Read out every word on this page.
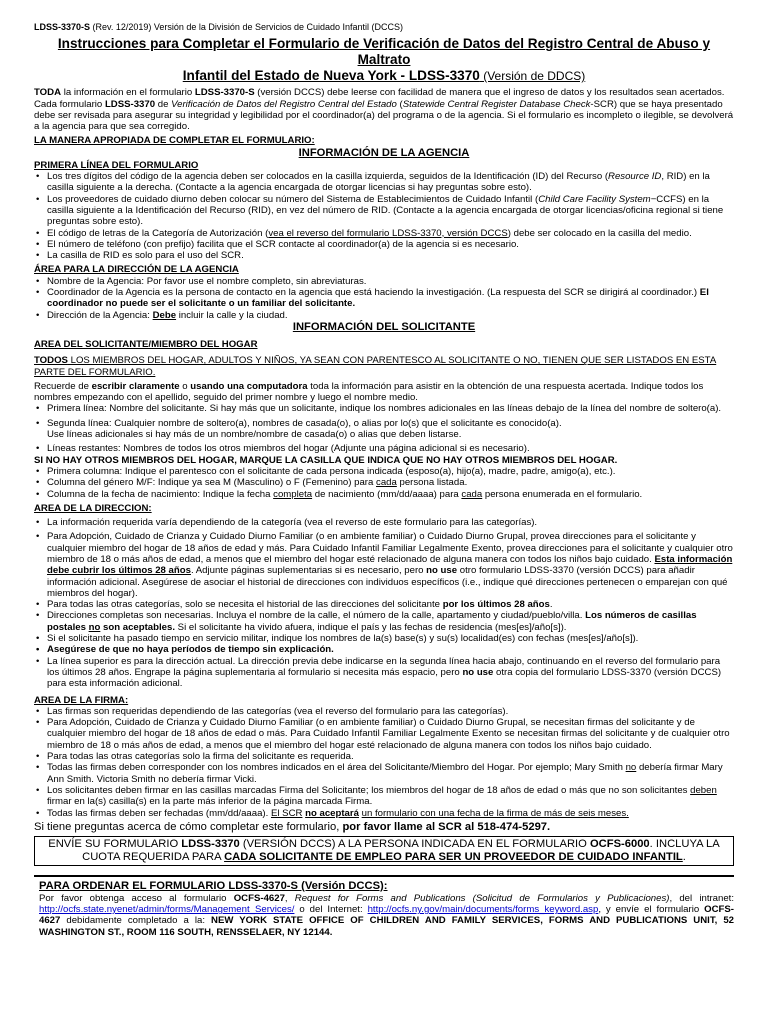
LDSS-3370-S (Rev. 12/2019) Versión de la División de Servicios de Cuidado Infantil (DCCS)
Instrucciones para Completar el Formulario de Verificación de Datos del Registro Central de Abuso y Maltrato
Infantil del Estado de Nueva York - LDSS-3370 (Versión de DDCS)

TODA la información en el formulario LDSS-3370-S (versión DCCS) debe leerse con facilidad de manera que el ingreso de datos y los resultados sean acertados. Cada formulario LDSS-3370 de Verificación de Datos del Registro Central del Estado (Statewide Central Register Database Check-SCR) que se haya presentado debe ser revisada para asegurar su integridad y legibilidad por el coordinador(a) del programa o de la agencia. Si el formulario es incompleto o ilegible, se devolverá a la agencia para que sea corregido.

LA MANERA APROPIADA DE COMPLETAR EL FORMULARIO:
INFORMACIÓN DE LA AGENCIA
PRIMERA LÍNEA DEL FORMULARIO
• Los tres dígitos del código de la agencia deben ser colocados en la casilla izquierda, seguidos de la Identificación (ID) del Recurso (Resource ID, RID) en la casilla siguiente a la derecha. (Contacte a la agencia encargada de otorgar licencias si hay preguntas sobre esto).
• Los proveedores de cuidado diurno deben colocar su número del Sistema de Establecimientos de Cuidado Infantil (Child Care Facility System−CCFS) en la casilla siguiente a la Identificación del Recurso (RID), en vez del número de RID. (Contacte a la agencia encargada de otorgar licencias/oficina regional si tiene preguntas sobre esto).
• El código de letras de la Categoría de Autorización (vea el reverso del formulario LDSS-3370, versión DCCS) debe ser colocado en la casilla del medio.
• El número de teléfono (con prefijo) facilita que el SCR contacte al coordinador(a) de la agencia si es necesario.
• La casilla de RID es solo para el uso del SCR.
ÁREA PARA LA DIRECCIÓN DE LA AGENCIA
• Nombre de la Agencia: Por favor use el nombre completo, sin abreviaturas.
• Coordinador de la Agencia es la persona de contacto en la agencia que está haciendo la investigación. (La respuesta del SCR se dirigirá al coordinador.) El coordinador no puede ser el solicitante o un familiar del solicitante.
• Dirección de la Agencia: Debe incluir la calle y la ciudad.
INFORMACIÓN DEL SOLICITANTE
AREA DEL SOLICITANTE/MIEMBRO DEL HOGAR

TODOS LOS MIEMBROS DEL HOGAR, ADULTOS Y NIÑOS, YA SEAN CON PARENTESCO AL SOLICITANTE O NO, TIENEN QUE SER LISTADOS EN ESTA PARTE DEL FORMULARIO.

Recuerde de escribir claramente o usando una computadora toda la información para asistir en la obtención de una respuesta acertada. Indique todos los nombres empezando con el apellido, seguido del primer nombre y luego el nombre medio.

• Primera línea: Nombre del solicitante. Si hay más que un solicitante, indique los nombres adicionales en las líneas debajo de la línea del nombre de soltero(a).
• Segunda línea: Cualquier nombre de soltero(a), nombres de casada(o), o alias por lo(s) que el solicitante es conocido(a).
Use líneas adicionales si hay más de un nombre/nombre de casada(o) o alias que deben listarse.
• Líneas restantes: Nombres de todos los otros miembros del hogar (Adjunte una página adicional si es necesario).

SI NO HAY OTROS MIEMBROS DEL HOGAR, MARQUE LA CASILLA QUE INDICA QUE NO HAY OTROS MIEMBROS DEL HOGAR.

• Primera columna: Indique el parentesco con el solicitante de cada persona indicada (esposo(a), hijo(a), madre, padre, amigo(a), etc.).
• Columna del género M/F: Indique ya sea M (Masculino) o F (Femenino) para cada persona listada.
• Columna de la fecha de nacimiento: Indique la fecha completa de nacimiento (mm/dd/aaaa) para cada persona enumerada en el formulario.
AREA DE LA DIRECCION:
• La información requerida varía dependiendo de la categoría (vea el reverso de este formulario para las categorías).
• Para Adopción, Cuidado de Crianza y Cuidado Diurno Familiar (o en ambiente familiar) o Cuidado Diurno Grupal, provea direcciones para el solicitante y cualquier miembro del hogar de 18 años de edad y más. Para Cuidado Infantil Familiar Legalmente Exento, provea direcciones para el solicitante y cualquier otro miembro de 18 o más años de edad, a menos que el miembro del hogar esté relacionado de alguna manera con todos los niños bajo cuidado. Esta información debe cubrir los últimos 28 años. Adjunte páginas suplementarias si es necesario, pero no use otro formulario LDSS-3370 (versión DCCS) para añadir información adicional. Asegúrese de asociar el historial de direcciones con individuos específicos (i.e., indique qué direcciones pertenecen o emparejan con qué miembros del hogar).
• Para todas las otras categorías, solo se necesita el historial de las direcciones del solicitante por los últimos 28 años.
• Direcciones completas son necesarias. Incluya el nombre de la calle, el número de la calle, apartamento y ciudad/pueblo/villa. Los números de casillas postales no son aceptables. Si el solicitante ha vivido afuera, indique el país y las fechas de residencia (mes[es]/año[s]).
• Si el solicitante ha pasado tiempo en servicio militar, indique los nombres de la(s) base(s) y su(s) localidad(es) con fechas (mes[es]/año[s]).
• Asegúrese de que no haya períodos de tiempo sin explicación.
• La línea superior es para la dirección actual. La dirección previa debe indicarse en la segunda línea hacia abajo, continuando en el reverso del formulario para los últimos 28 años. Engrape la página suplementaria al formulario si necesita más espacio, pero no use otra copia del formulario LDSS-3370 (versión DCCS) para esta información adicional.
AREA DE LA FIRMA:
• Las firmas son requeridas dependiendo de las categorías (vea el reverso del formulario para las categorías).
• Para Adopción, Cuidado de Crianza y Cuidado Diurno Familiar (o en ambiente familiar) o Cuidado Diurno Grupal, se necesitan firmas del solicitante y de cualquier miembro del hogar de 18 años de edad o más. Para Cuidado Infantil Familiar Legalmente Exento se necesitan firmas del solicitante y de cualquier otro miembro de 18 o más años de edad, a menos que el miembro del hogar esté relacionado de alguna manera con todos los niños bajo cuidado.
• Para todas las otras categorías solo la firma del solicitante es requerida.
• Todas las firmas deben corresponder con los nombres indicados en el área del Solicitante/Miembro del Hogar. Por ejemplo; Mary Smith no debería firmar Mary Ann Smith. Victoria Smith no debería firmar Vicki.
• Los solicitantes deben firmar en las casillas marcadas Firma del Solicitante; los miembros del hogar de 18 años de edad o más que no son solicitantes deben firmar en la(s) casilla(s) en la parte más inferior de la página marcada Firma.
• Todas las firmas deben ser fechadas (mm/dd/aaaa). El SCR no aceptará un formulario con una fecha de la firma de más de seis meses.

Si tiene preguntas acerca de cómo completar este formulario, por favor llame al SCR al 518-474-5297.

ENVÍE SU FORMULARIO LDSS-3370 (VERSIÓN DCCS) A LA PERSONA INDICADA EN EL FORMULARIO OCFS-6000. INCLUYA LA CUOTA REQUERIDA PARA CADA SOLICITANTE DE EMPLEO PARA SER UN PROVEEDOR DE CUIDADO INFANTIL.
PARA ORDENAR EL FORMULARIO LDSS-3370-S (Versión DCCS):

Por favor obtenga acceso al formulario OCFS-4627, Request for Forms and Publications (Solicitud de Formularios y Publicaciones), del intranet: http://ocfs.state.nyenet/admin/forms/Management_Services/ o del Internet: http://ocfs.ny.gov/main/documents/forms_keyword.asp, y envíe el formulario OCFS-4627 debidamente completado a la: NEW YORK STATE OFFICE OF CHILDREN AND FAMILY SERVICES, FORMS AND PUBLICATIONS UNIT, 52 WASHINGTON ST., ROOM 116 SOUTH, RENSSELAER, NY 12144.
